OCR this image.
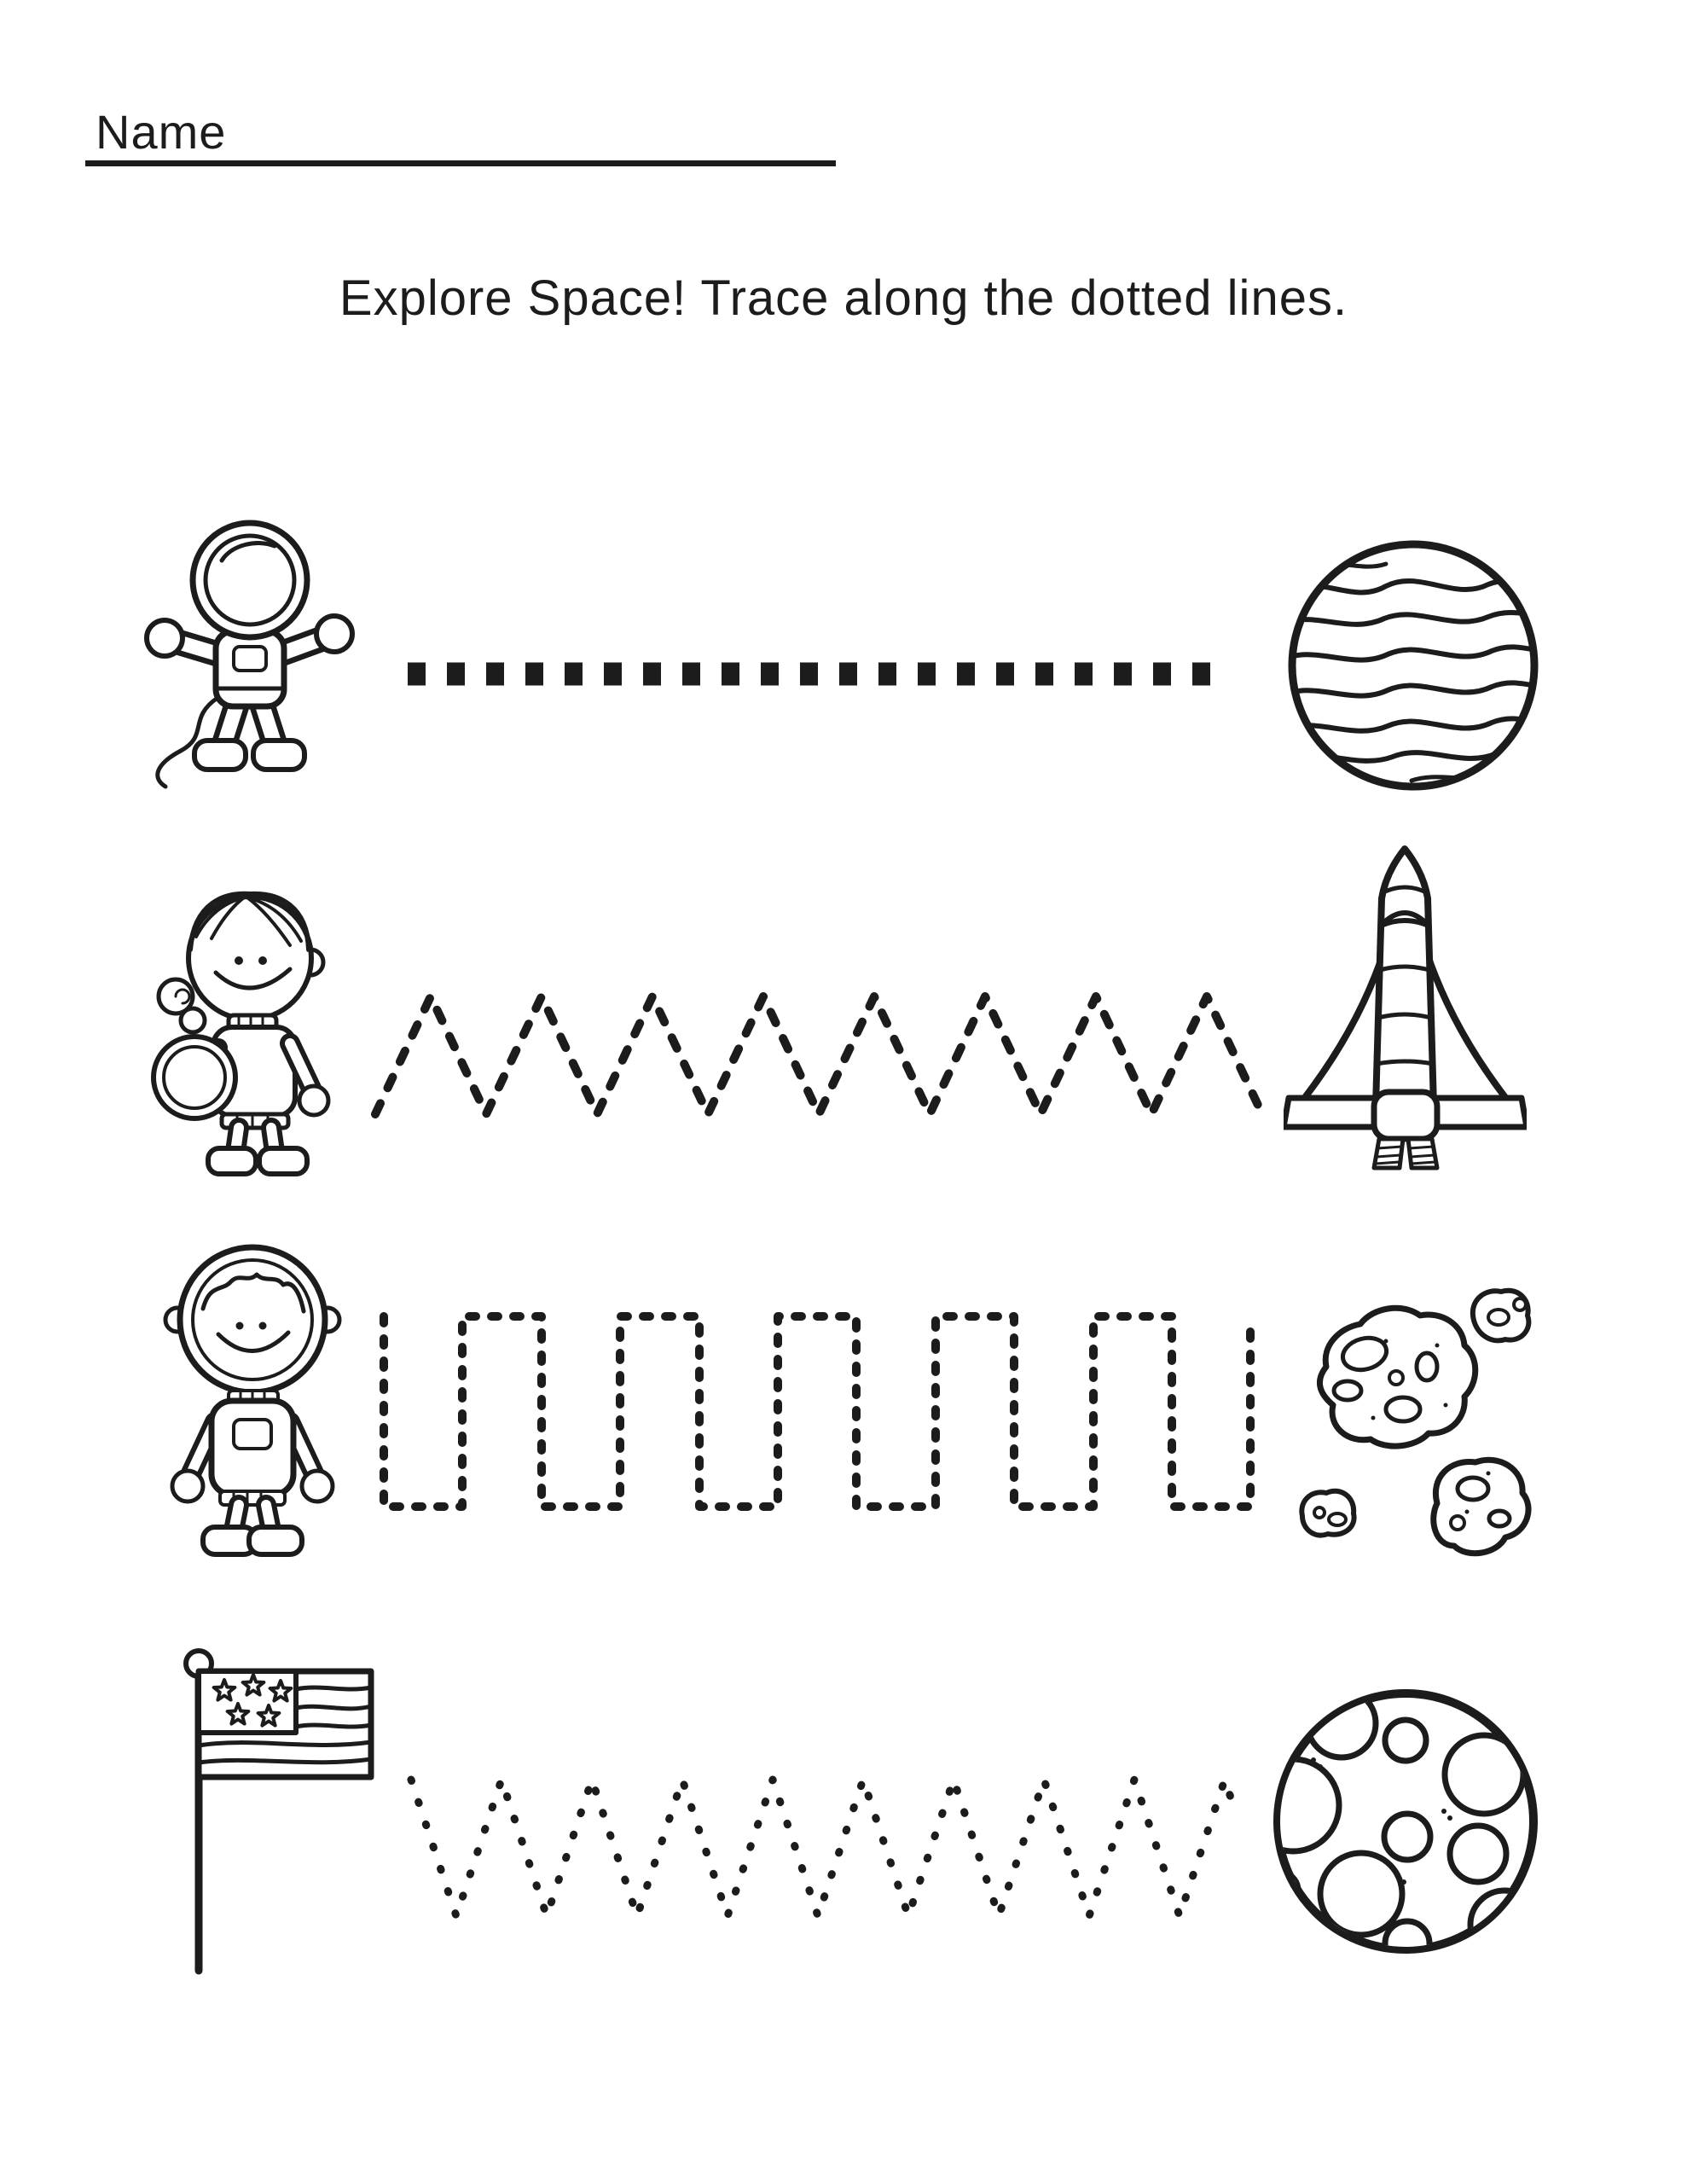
Name
Explore Space! Trace along the dotted lines.
